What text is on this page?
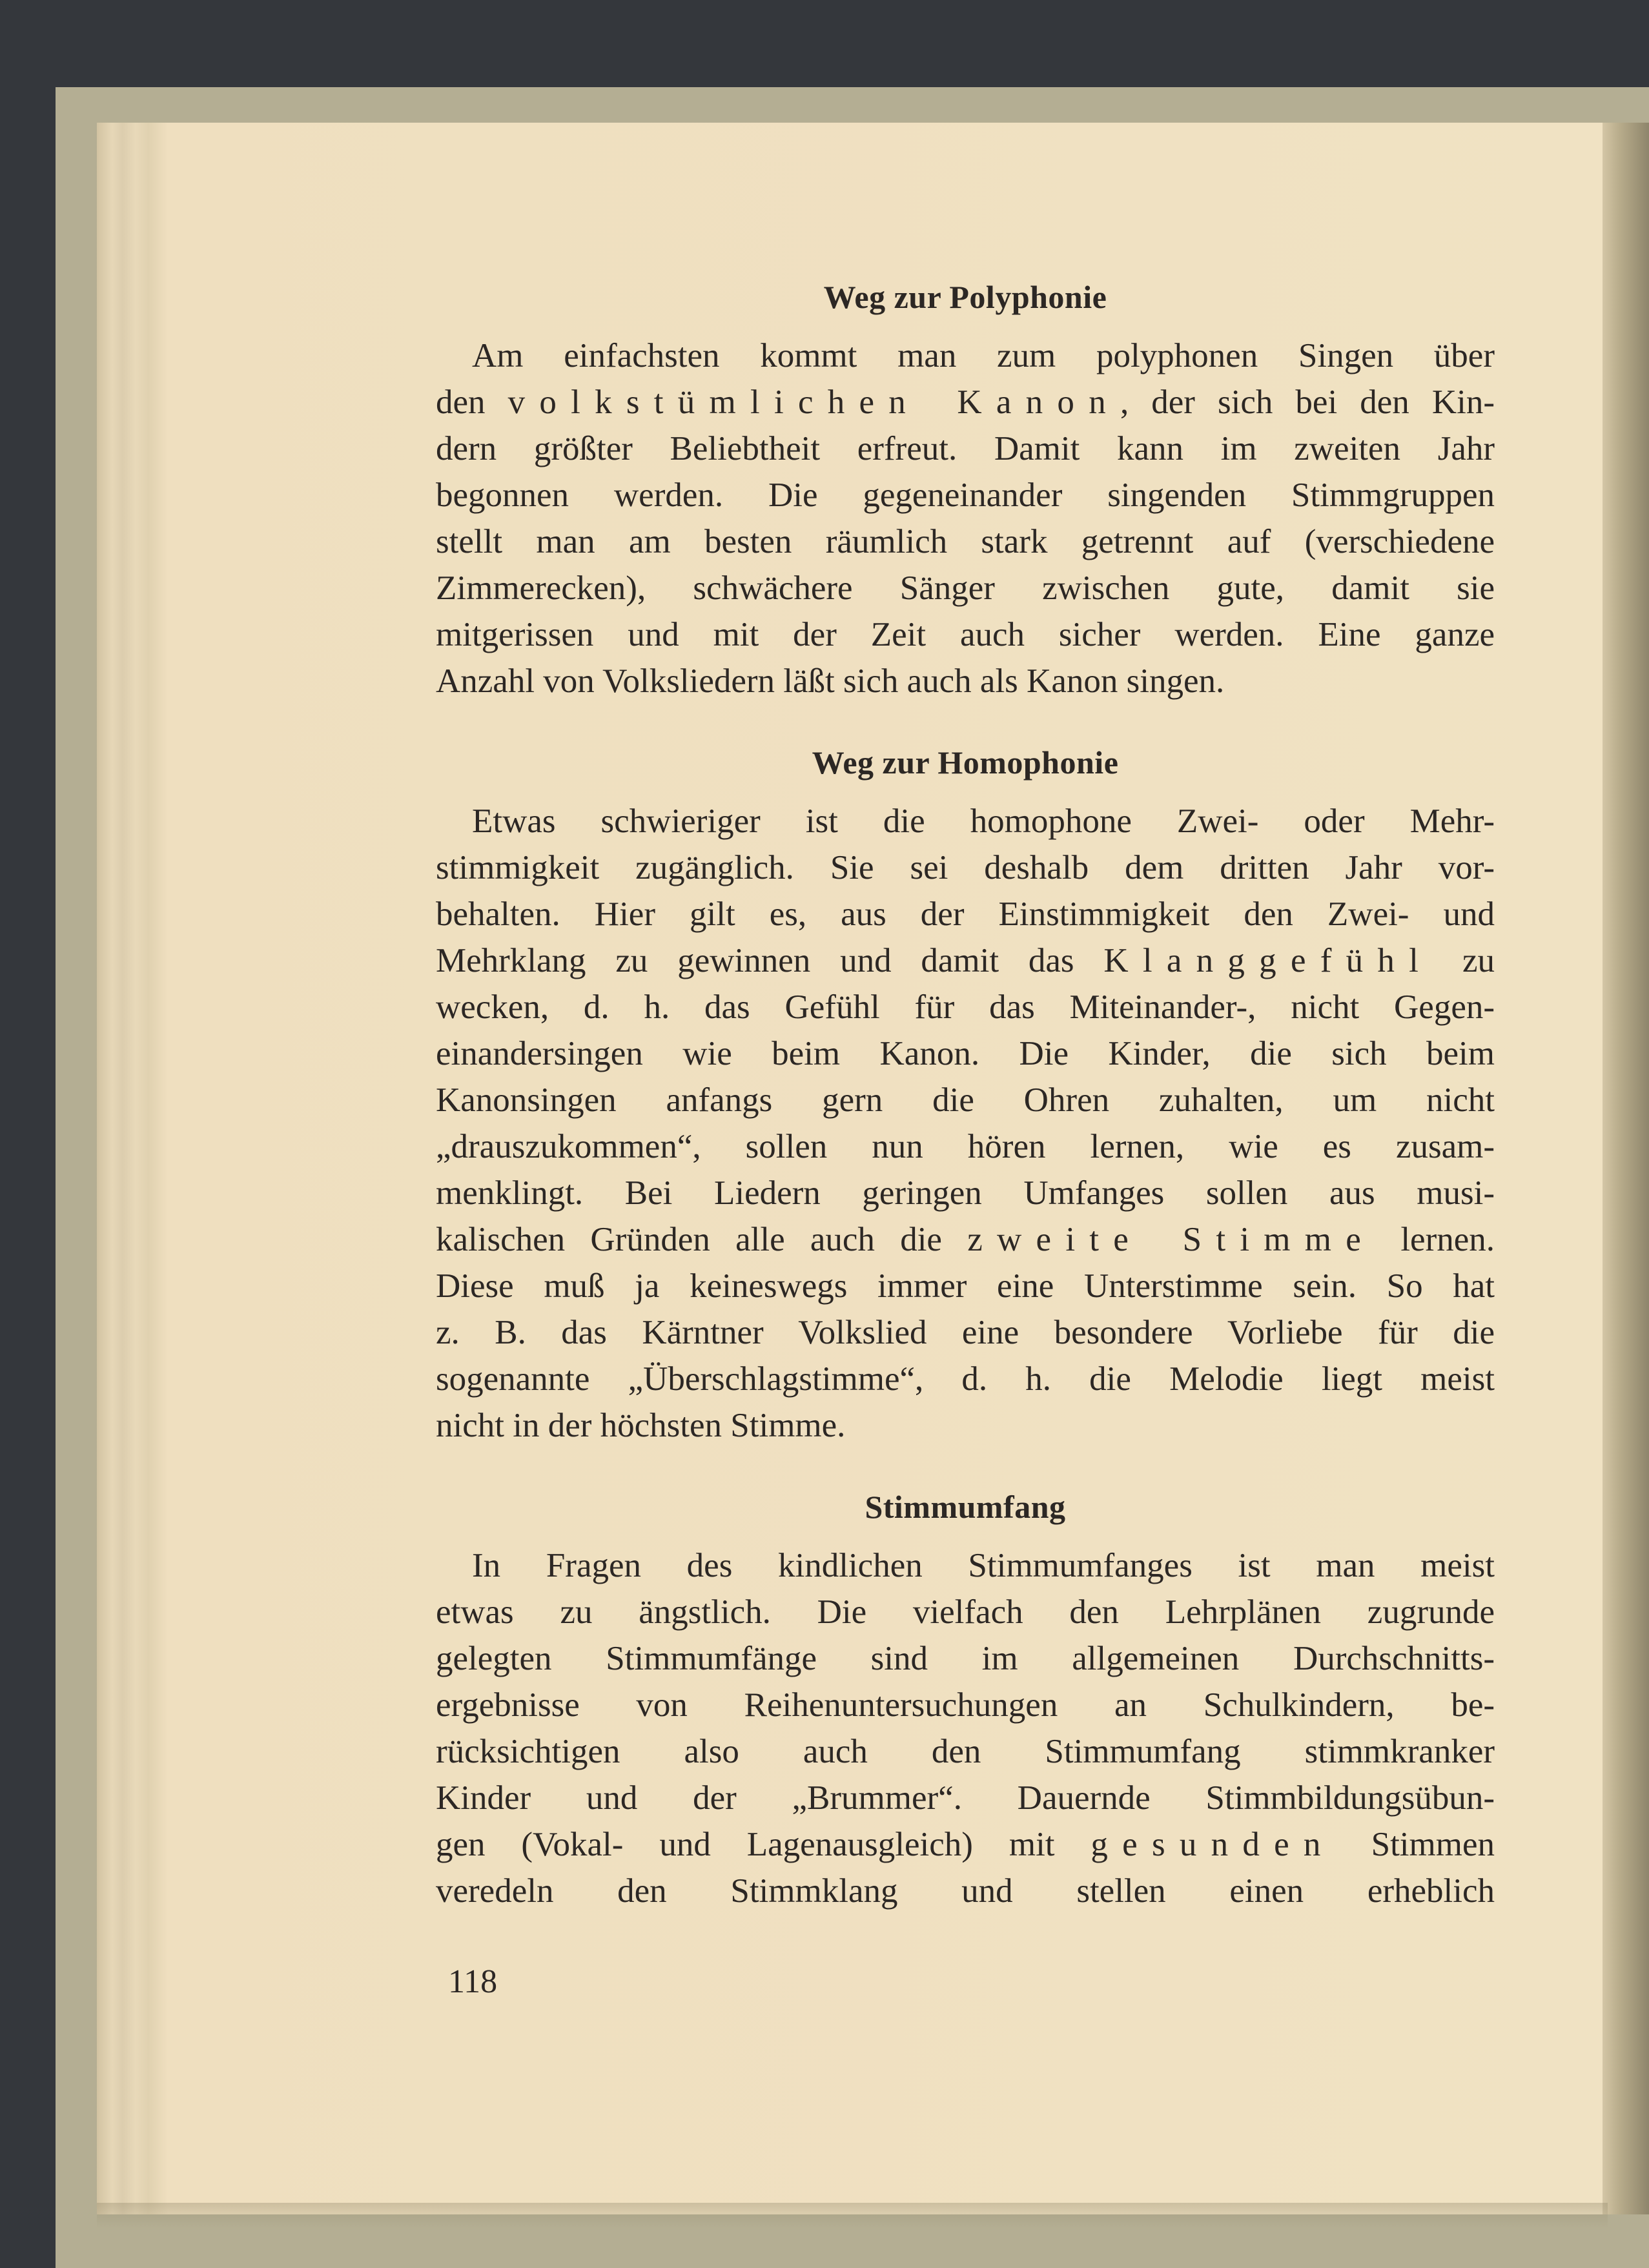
Weg zur Polyphonie
Am einfachsten kommt man zum polyphonen Singen über
den volkstümlichen Kanon, der sich bei den Kin-
dern größter Beliebtheit erfreut. Damit kann im zweiten Jahr
begonnen werden. Die gegeneinander singenden Stimmgruppen
stellt man am besten räumlich stark getrennt auf (verschiedene
Zimmerecken), schwächere Sänger zwischen gute, damit sie
mitgerissen und mit der Zeit auch sicher werden. Eine ganze
Anzahl von Volksliedern läßt sich auch als Kanon singen.
Weg zur Homophonie
Etwas schwieriger ist die homophone Zwei- oder Mehr-
stimmigkeit zugänglich. Sie sei deshalb dem dritten Jahr vor-
behalten. Hier gilt es, aus der Einstimmigkeit den Zwei- und
Mehrklang zu gewinnen und damit das Klanggefühl zu
wecken, d. h. das Gefühl für das Miteinander-, nicht Gegen-
einandersingen wie beim Kanon. Die Kinder, die sich beim
Kanonsingen anfangs gern die Ohren zuhalten, um nicht
„drauszukommen“, sollen nun hören lernen, wie es zusam-
menklingt. Bei Liedern geringen Umfanges sollen aus musi-
kalischen Gründen alle auch die zweite Stimme lernen.
Diese muß ja keineswegs immer eine Unterstimme sein. So hat
z. B. das Kärntner Volkslied eine besondere Vorliebe für die
sogenannte „Überschlagstimme“, d. h. die Melodie liegt meist
nicht in der höchsten Stimme.
Stimmumfang
In Fragen des kindlichen Stimmumfanges ist man meist
etwas zu ängstlich. Die vielfach den Lehrplänen zugrunde
gelegten Stimmumfänge sind im allgemeinen Durchschnitts-
ergebnisse von Reihenuntersuchungen an Schulkindern, be-
rücksichtigen also auch den Stimmumfang stimmkranker
Kinder und der „Brummer“. Dauernde Stimmbildungsübun-
gen (Vokal- und Lagenausgleich) mit gesunden Stimmen
veredeln den Stimmklang und stellen einen erheblich
118
